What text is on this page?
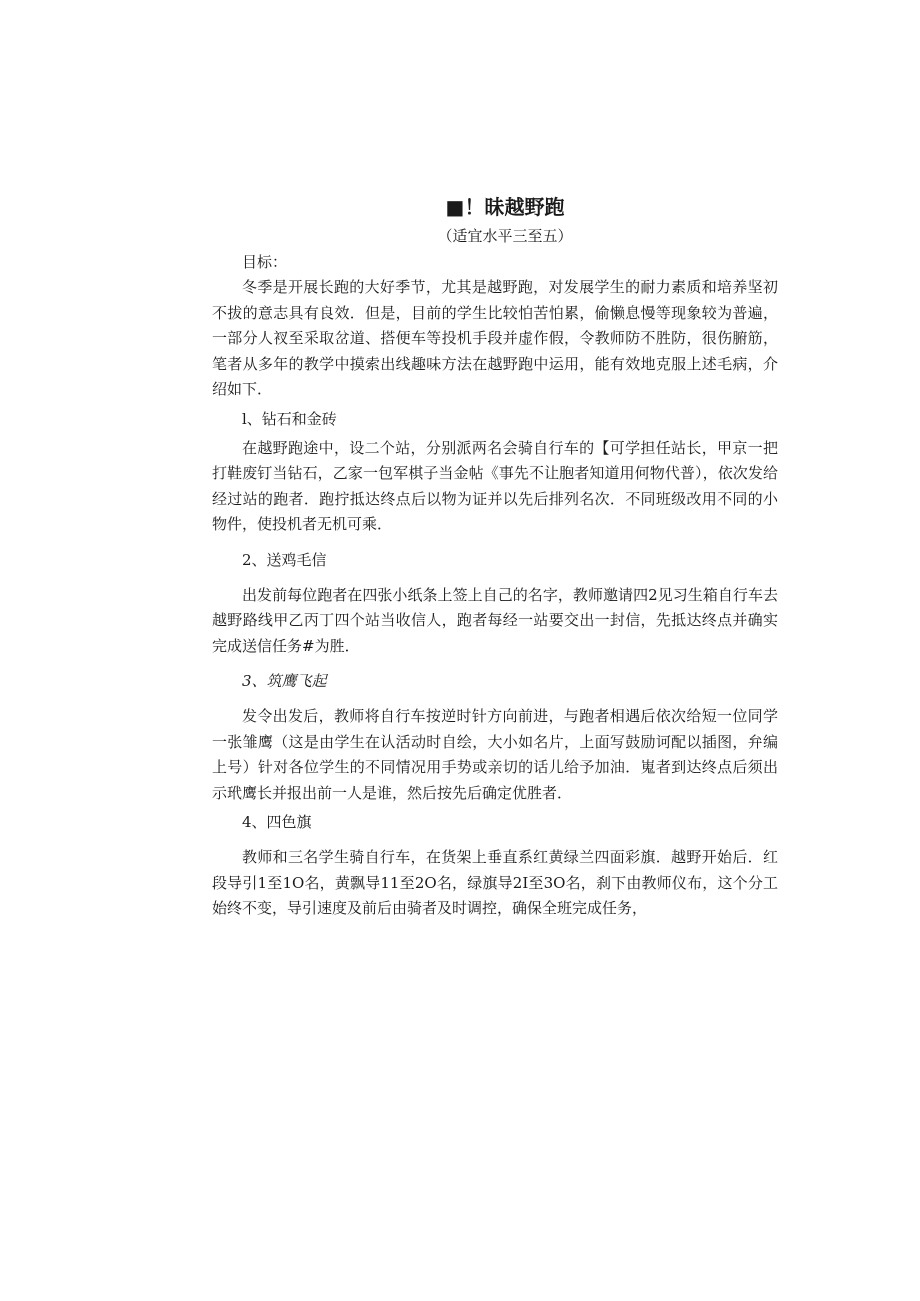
■！昧越野跑
（适宜水平三至五）

目标：

冬季是开展长跑的大好季节，尤其是越野跑，对发展学生的耐力素质和培养坚初不拔的意志具有良效．但是，目前的学生比较怕苦怕累，偷懒息慢等现象较为普遍，一部分人衩至采取岔道、搭便车等投机手段并虚作假，令教师防不胜防，很伤腑筋，笔者从多年的教学中摸索出线趣味方法在越野跑中运用，能有效地克服上述毛病，介绍如下．

l、钻石和金砖

在越野跑途中，设二个站，分别派两名会骑自行车的【可学担任站长，甲京一把打鞋废钉当钻石，乙家一包军棋子当金帖《事先不让胞者知道用何物代普），依次发给经过站的跑者．跑拧抵达终点后以物为证并以先后排列名次．不同班级改用不同的小物件，使投机者无机可乘．

2、送鸡毛信

出发前每位跑者在四张小纸条上签上自己的名字，教师邀请四2见习生箱自行车去越野路线甲乙丙丁四个站当收信人，跑者每经一站要交出一封信，先抵达终点并确实完成送信任务#为胜．

3、筑鹰飞起

发令出发后，教师将自行车按逆时针方向前进，与跑者相遇后依次给短一位同学一张雏鹰（这是由学生在认活动时自绘，大小如名片，上面写鼓励诃配以插图，弁编上号）针对各位学生的不同情况用手势或亲切的话儿给予加油．嵬者到达终点后须出示玳鹰长并报出前一人是谁，然后按先后确定优胜者．

4、四色旗

教师和三名学生骑自行车，在货架上垂直系红黄绿兰四面彩旗．越野开始后．红段导引1至1O名，黄飘导11至2O名，绿旗导2I至3O名，刹下由教师仪布，这个分工始终不变，导引速度及前后由骑者及时调控，确保全班完成任务，
